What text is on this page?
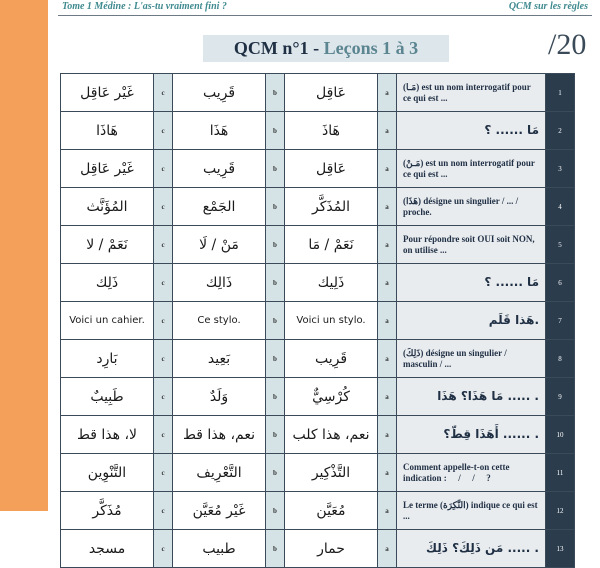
Tome 1 Médine : L'as-tu vraiment fini ?	QCM sur les règles
QCM n°1 - Leçons 1 à 3	/20
غَيْر عَاقِل	c	قَرِيب	b	عَاقِل	a	(مَـا) est un nom interrogatif pour ce qui est ...	1
هَاذَا	c	هَذَا	b	هَاذَ	a	مَا ...... ؟	2
غَيْر عَاقِل	c	قَرِيب	b	عَاقِل	a	(مَـنْ) est un nom interrogatif pour ce qui est ...	3
المُؤَنَّث	c	الجَمْع	b	المُذَكَّر	a	(هَذَا) désigne un singulier / ... / proche.	4
نَعَمْ / لا	c	مَنْ / لَا	b	نَعَمْ / مَا	a	Pour répondre soit OUI soit NON, on utilise ...	5
ذَلِك	c	ذَالِك	b	ذَلِيك	a	مَا ...... ؟	6
Voici un cahier.	c	Ce stylo.	b	Voici un stylo.	a	هَذا قَلَم.	7
بَارِد	c	بَعِيد	b	قَرِيب	a	(ذَلِكَ) désigne un singulier / masculin / ...	8
طَبِيبٌ	c	وَلَدٌ	b	كُرْسِيٌّ	a	مَا هَذَا؟ هَذَا ..... .	9
لا، هذا قط	c	نعم، هذا قط	b	نعم، هذا كلب	a	أَهَذَا قِطّ؟ ...... .	10
التَّنْوِين	c	التَّعْرِيف	b	التَّذْكِير	a	Comment appelle-t-on cette indication : ً / ٌ / ٍ ?	11
مُذَكَّر	c	غَيْر مُعَيَّن	b	مُعَيَّن	a	Le terme (النَّكِرَة) indique ce qui est ...	12
مسجد	c	طبيب	b	حمار	a	مَن ذَلِكَ؟ ذَلِكَ ..... .	13
